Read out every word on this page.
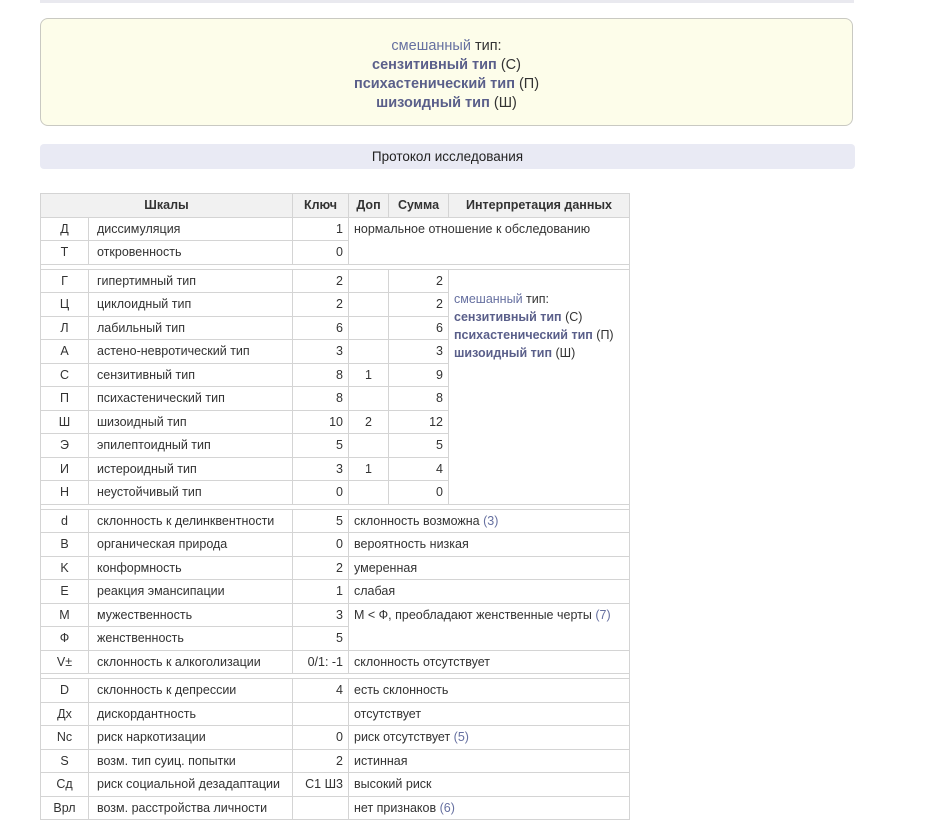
смешанный тип:
сензитивный тип (С)
психастенический тип (П)
шизоидный тип (Ш)
Протокол исследования
Шкалы		Ключ	Доп	Сумма	Интерпретация данных
Д	диссимуляция	1	нормальное отношение к обследованию		
Т	откровенность	0			

Г	гипертимный тип	2		2	смешанный тип:
сензитивный тип (С)
психастенический тип (П)
шизоидный тип (Ш)

Ц	циклоидный тип	2		2	
Л	лабильный тип	6		6	
А	астено-невротический тип	3		3	
С	сензитивный тип	8	1	9	
П	психастенический тип	8		8	
Ш	шизоидный тип	10	2	12	
Э	эпилептоидный тип	5		5	
И	истероидный тип	3	1	4	
Н	неустойчивый тип	0		0	

d	склонность к делинквентности	5	склонность возможна (3)		
B	органическая природа	0	вероятность низкая		
K	конформность	2	умеренная		
E	реакция эмансипации	1	слабая		
M	мужественность	3	M < Ф, преобладают женственные черты (7)		
Ф	женственность	5			
V±	склонность к алкоголизации	0/1: -1	склонность отсутствует		

D	склонность к депрессии	4	есть склонность		
Дх	дискордантность		отсутствует		
Nc	риск наркотизации	0	риск отсутствует (5)		
S	возм. тип суиц. попытки	2	истинная		
Сд	риск социальной дезадаптации	С1 Ш3	высокий риск		
Врл	возм. расстройства личности		нет признаков (6)		
